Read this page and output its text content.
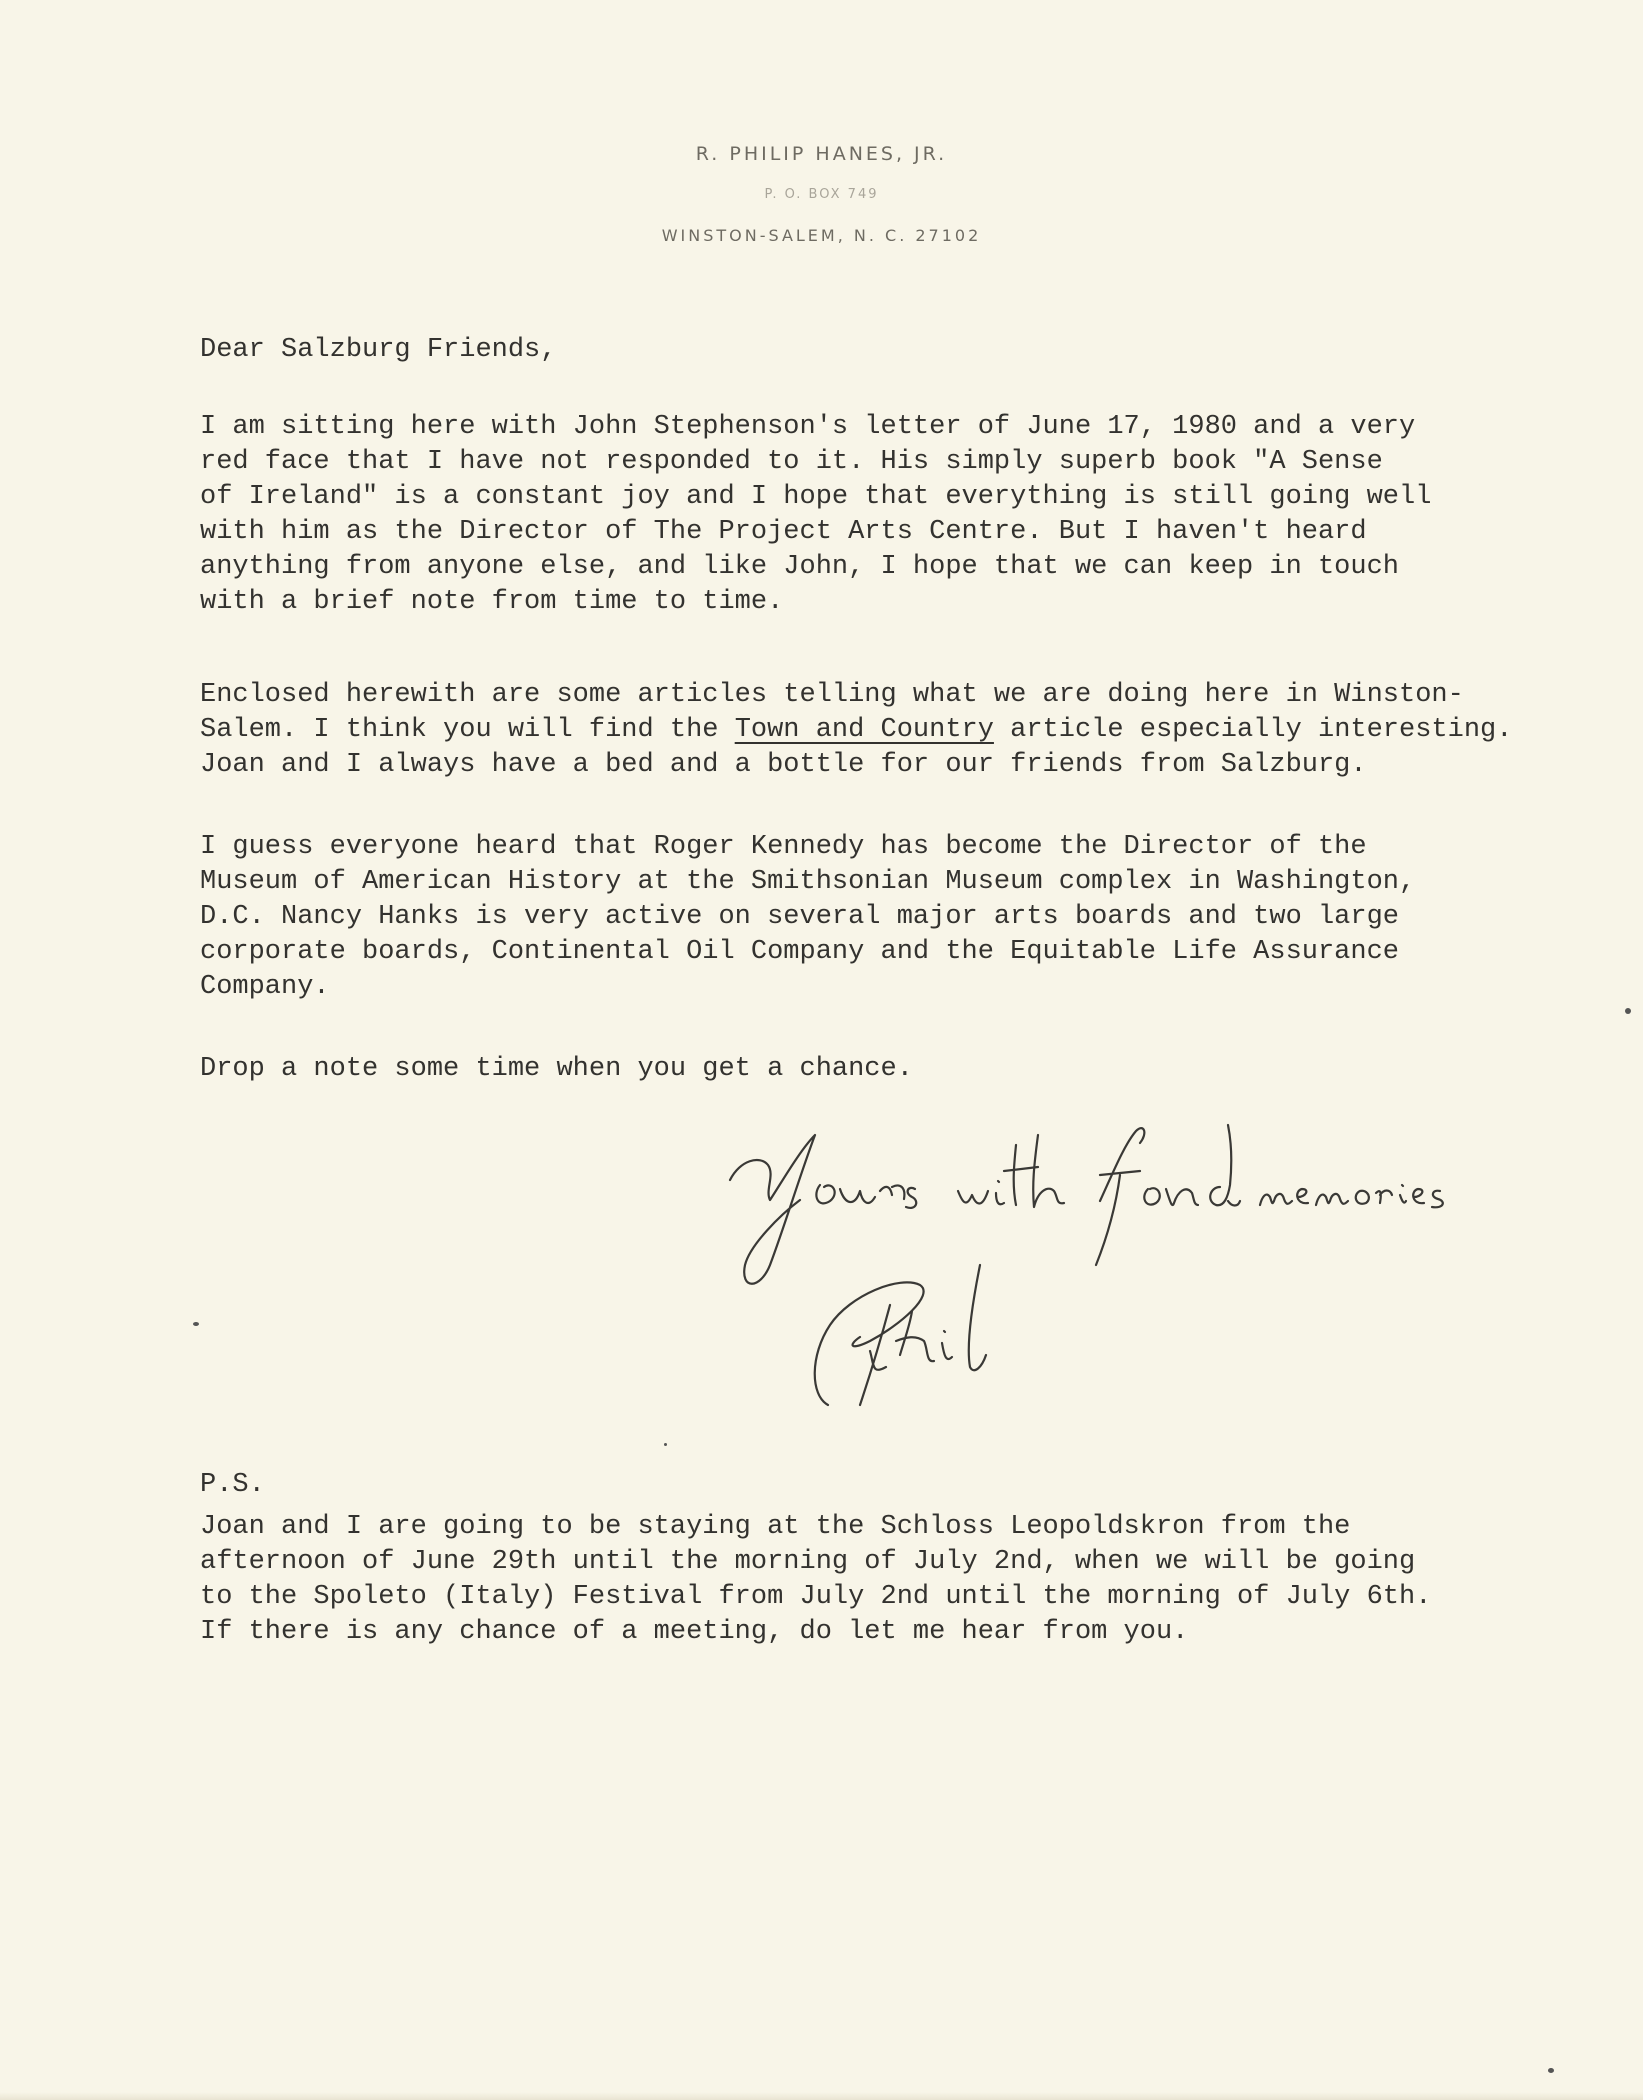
R. PHILIP HANES, JR.
P. O. BOX 749
WINSTON-SALEM, N. C. 27102
Dear Salzburg Friends,
I am sitting here with John Stephenson's letter of June 17, 1980 and a very
red face that I have not responded to it. His simply superb book "A Sense
of Ireland" is a constant joy and I hope that everything is still going well
with him as the Director of The Project Arts Centre. But I haven't heard
anything from anyone else, and like John, I hope that we can keep in touch
with a brief note from time to time.
Enclosed herewith are some articles telling what we are doing here in Winston-
Salem. I think you will find the Town and Country article especially interesting.
Joan and I always have a bed and a bottle for our friends from Salzburg.
I guess everyone heard that Roger Kennedy has become the Director of the
Museum of American History at the Smithsonian Museum complex in Washington,
D.C. Nancy Hanks is very active on several major arts boards and two large
corporate boards, Continental Oil Company and the Equitable Life Assurance
Company.
Drop a note some time when you get a chance.
P.S.
Joan and I are going to be staying at the Schloss Leopoldskron from the
afternoon of June 29th until the morning of July 2nd, when we will be going
to the Spoleto (Italy) Festival from July 2nd until the morning of July 6th.
If there is any chance of a meeting, do let me hear from you.
